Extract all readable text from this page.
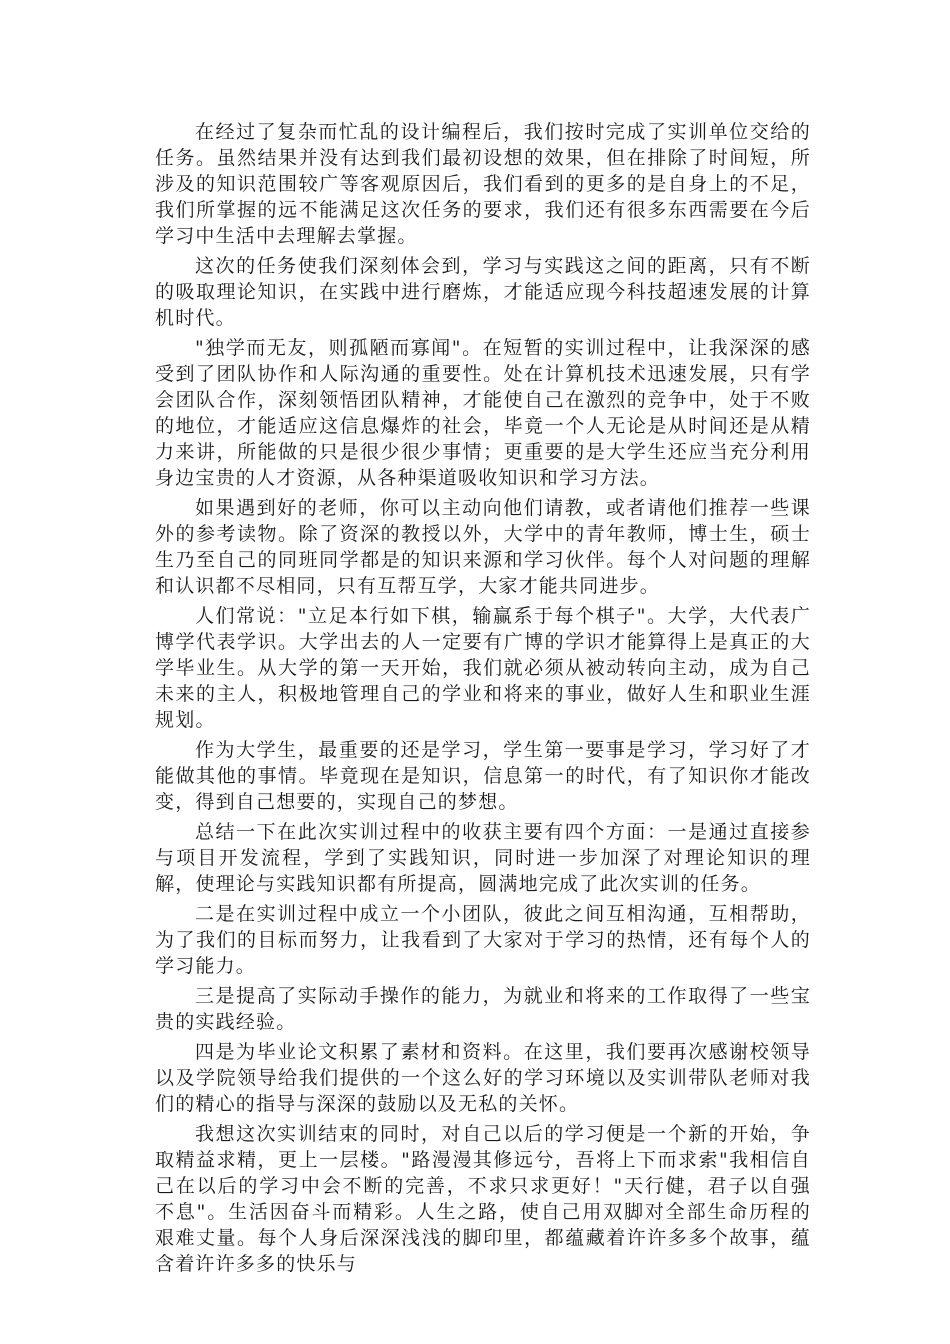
在经过了复杂而忙乱的设计编程后，我们按时完成了实训单位交给的任务。虽然结果并没有达到我们最初设想的效果，但在排除了时间短，所涉及的知识范围较广等客观原因后，我们看到的更多的是自身上的不足，我们所掌握的远不能满足这次任务的要求，我们还有很多东西需要在今后学习中生活中去理解去掌握。

这次的任务使我们深刻体会到，学习与实践这之间的距离，只有不断的吸取理论知识，在实践中进行磨炼，才能适应现今科技超速发展的计算机时代。

"独学而无友，则孤陋而寡闻"。在短暂的实训过程中，让我深深的感受到了团队协作和人际沟通的重要性。处在计算机技术迅速发展，只有学会团队合作，深刻领悟团队精神，才能使自己在激烈的竞争中，处于不败的地位，才能适应这信息爆炸的社会，毕竟一个人无论是从时间还是从精力来讲，所能做的只是很少很少事情；更重要的是大学生还应当充分利用身边宝贵的人才资源，从各种渠道吸收知识和学习方法。

如果遇到好的老师，你可以主动向他们请教，或者请他们推荐一些课外的参考读物。除了资深的教授以外，大学中的青年教师，博士生，硕士生乃至自己的同班同学都是的知识来源和学习伙伴。每个人对问题的理解和认识都不尽相同，只有互帮互学，大家才能共同进步。

人们常说："立足本行如下棋，输赢系于每个棋子"。大学，大代表广博学代表学识。大学出去的人一定要有广博的学识才能算得上是真正的大学毕业生。从大学的第一天开始，我们就必须从被动转向主动，成为自己未来的主人，积极地管理自己的学业和将来的事业，做好人生和职业生涯规划。

作为大学生，最重要的还是学习，学生第一要事是学习，学习好了才能做其他的事情。毕竟现在是知识，信息第一的时代，有了知识你才能改变，得到自己想要的，实现自己的梦想。

总结一下在此次实训过程中的收获主要有四个方面：一是通过直接参与项目开发流程，学到了实践知识，同时进一步加深了对理论知识的理解，使理论与实践知识都有所提高，圆满地完成了此次实训的任务。

二是在实训过程中成立一个小团队，彼此之间互相沟通，互相帮助，为了我们的目标而努力，让我看到了大家对于学习的热情，还有每个人的学习能力。

三是提高了实际动手操作的能力，为就业和将来的工作取得了一些宝贵的实践经验。

四是为毕业论文积累了素材和资料。在这里，我们要再次感谢校领导以及学院领导给我们提供的一个这么好的学习环境以及实训带队老师对我们的精心的指导与深深的鼓励以及无私的关怀。

我想这次实训结束的同时，对自己以后的学习便是一个新的开始，争取精益求精，更上一层楼。"路漫漫其修远兮，吾将上下而求索"我相信自己在以后的学习中会不断的完善，不求只求更好！"天行健，君子以自强不息"。生活因奋斗而精彩。人生之路，使自己用双脚对全部生命历程的艰难丈量。每个人身后深深浅浅的脚印里，都蕴藏着许许多多个故事，蕴含着许许多多的快乐与
